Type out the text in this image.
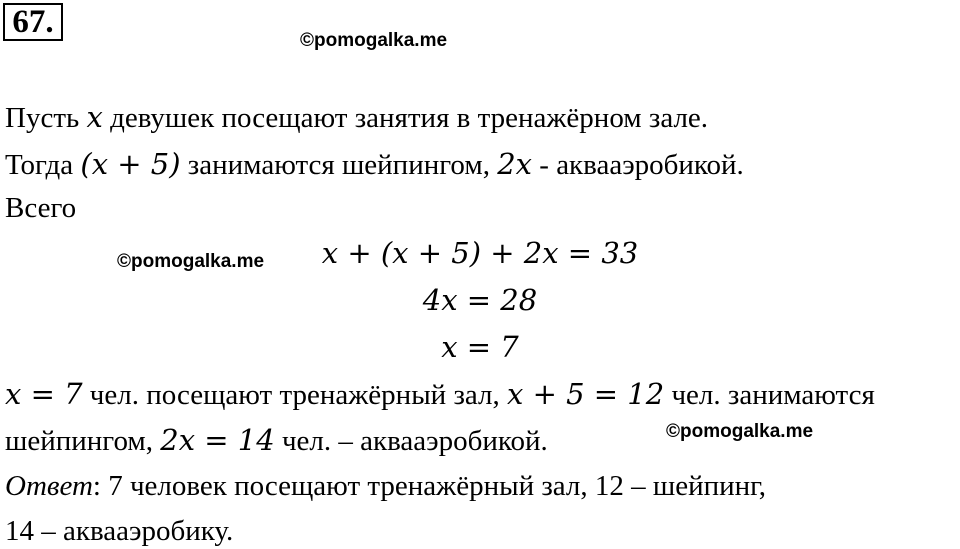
67.
©pomogalka.me
Пусть x девушек посещают занятия в тренажёрном зале.
Тогда (x + 5) занимаются шейпингом, 2x - аквааэробикой.
Всего
©pomogalka.me	x + (x + 5) + 2x = 33
4x = 28
x = 7
x = 7 чел. посещают тренажёрный зал, x + 5 = 12 чел. занимаются
шейпингом, 2x = 14 чел. – аквааэробикой.	©pomogalka.me
Ответ: 7 человек посещают тренажёрный зал, 12 – шейпинг,
14 – аквааэробику.
